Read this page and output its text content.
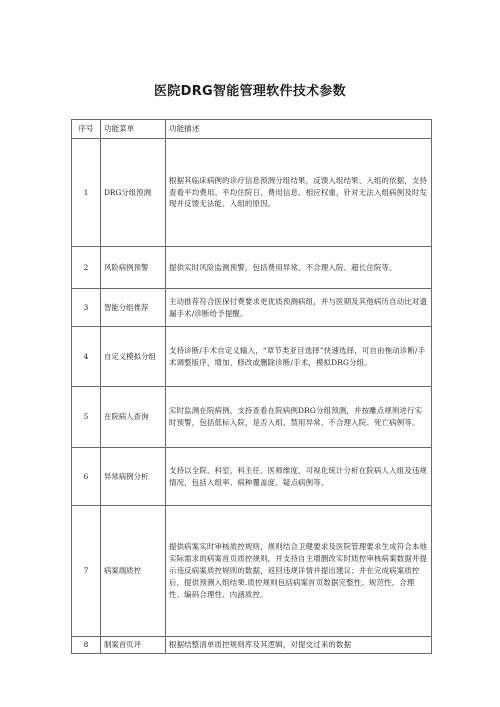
医院DRG智能管理软件技术参数
序号	功能菜单	功能描述
1	DRG分组预测	根据其临床病例的诊疗信息预测分组结果，反馈入组结果、入组的依据，支持查看平均费用、平均住院日、费用信息、相应权重，针对无法入组病例及时发现并反馈无法能、入组的原因。
2	风险病例预警	提供实时风险监测预警，包括费用异常、不合理入院、超长住院等。
3	智能分组推荐	主动推荐符合医保付费要求更优质预测病组，并与医期及其他病历自动比对遗漏手术/诊断给予提醒。
4	自定义模拟分组	支持诊断/手术自定义输入，“章节类亚目选择”快速选择，可自由拖动诊断/手术调整版序，增加、修改或删除诊断/手术，模拟DRG分组。
5	在院病人查询	实时监测在院病例，支持查看在院病例DRG分组预测，并按雕点规则进行实时预警，包括低标入院、是否入组、禁用异常、不合理入院、死亡病例等。
6	异常病例分析	支持以全院、科室、科主任、医师维度，可视化统计分析在院病人入组及违规情况，包括入组率、病种覆盖度、疑点病例等。
7	病案端质控	提供病案实时审核质控规则，规则结合卫健要求及医院管理要求生成符合本地实际需求的病案首页质控规则，并支持自主增删改实时质控审核病案数据并提示违反病案质控规则的数据，返回违规详情并提出建议；并在完成病案质控后，提供预测入组结果.质控规则包括病案首页数据完整性、规范性、合理性、编码合理性、内涵质控。
8	制案首页评	根据结整清单质控规则库及其逻辑，对提交过来的数据
